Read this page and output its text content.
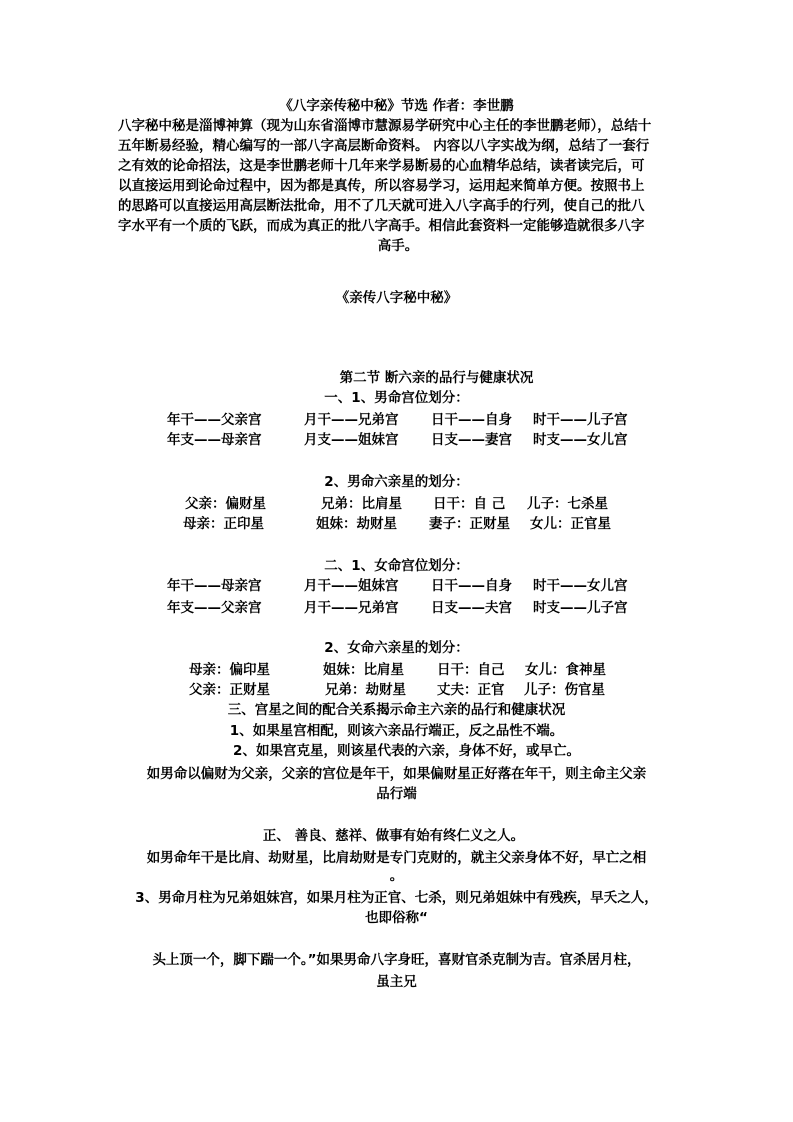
《八字亲传秘中秘》节选 作者：李世鹏
八字秘中秘是淄博神算（现为山东省淄博市慧源易学研究中心主任的李世鹏老师），总结十
五年断易经验，精心编写的一部八字高层断命资料。 内容以八字实战为纲，总结了一套行
之有效的论命招法，这是李世鹏老师十几年来学易断易的心血精华总结，读者读完后，可
以直接运用到论命过程中，因为都是真传，所以容易学习，运用起来简单方便。按照书上
的思路可以直接运用高层断法批命，用不了几天就可进入八字高手的行列，使自己的批八
字水平有一个质的飞跃，而成为真正的批八字高手。相信此套资料一定能够造就很多八字
高手。
《亲传八字秘中秘》
第二节 断六亲的品行与健康状况
一、1、男命宫位划分：
年干——父亲宫	月干——兄弟宫 日干——自身 时干——儿子宫
年支——母亲宫	月支——姐妹宫 日支——妻宫 时支——女儿宫
2、男命六亲星的划分：
父亲：偏财星	兄弟：比肩星 日干：自 己 儿子：七杀星
母亲：正印星	姐妹：劫财星 妻子：正财星 女儿：正官星
二、1、女命宫位划分：
年干——母亲宫	月干——姐妹宫 日干——自身 时干——女儿宫
年支——父亲宫	月干——兄弟宫 日支——夫宫 时支——儿子宫
2、女命六亲星的划分：
母亲：偏印星	姐妹：比肩星 日干：自己 女儿：食神星
父亲：正财星	兄弟：劫财星 丈夫：正官 儿子：伤官星
三、宫星之间的配合关系揭示命主六亲的品行和健康状况
1、如果星宫相配，则该六亲品行端正，反之品性不端。
2、如果宫克星，则该星代表的六亲，身体不好，或早亡。
如男命以偏财为父亲，父亲的宫位是年干，如果偏财星正好落在年干，则主命主父亲
品行端
正、 善良、慈祥、做事有始有终仁义之人。
如男命年干是比肩、劫财星，比肩劫财是专门克财的，就主父亲身体不好，早亡之相
。
3、男命月柱为兄弟姐妹宫，如果月柱为正官、七杀，则兄弟姐妹中有残疾，早夭之人，
也即俗称“
头上顶一个，脚下踹一个。”如果男命八字身旺，喜财官杀克制为吉。官杀居月柱，
虽主兄
